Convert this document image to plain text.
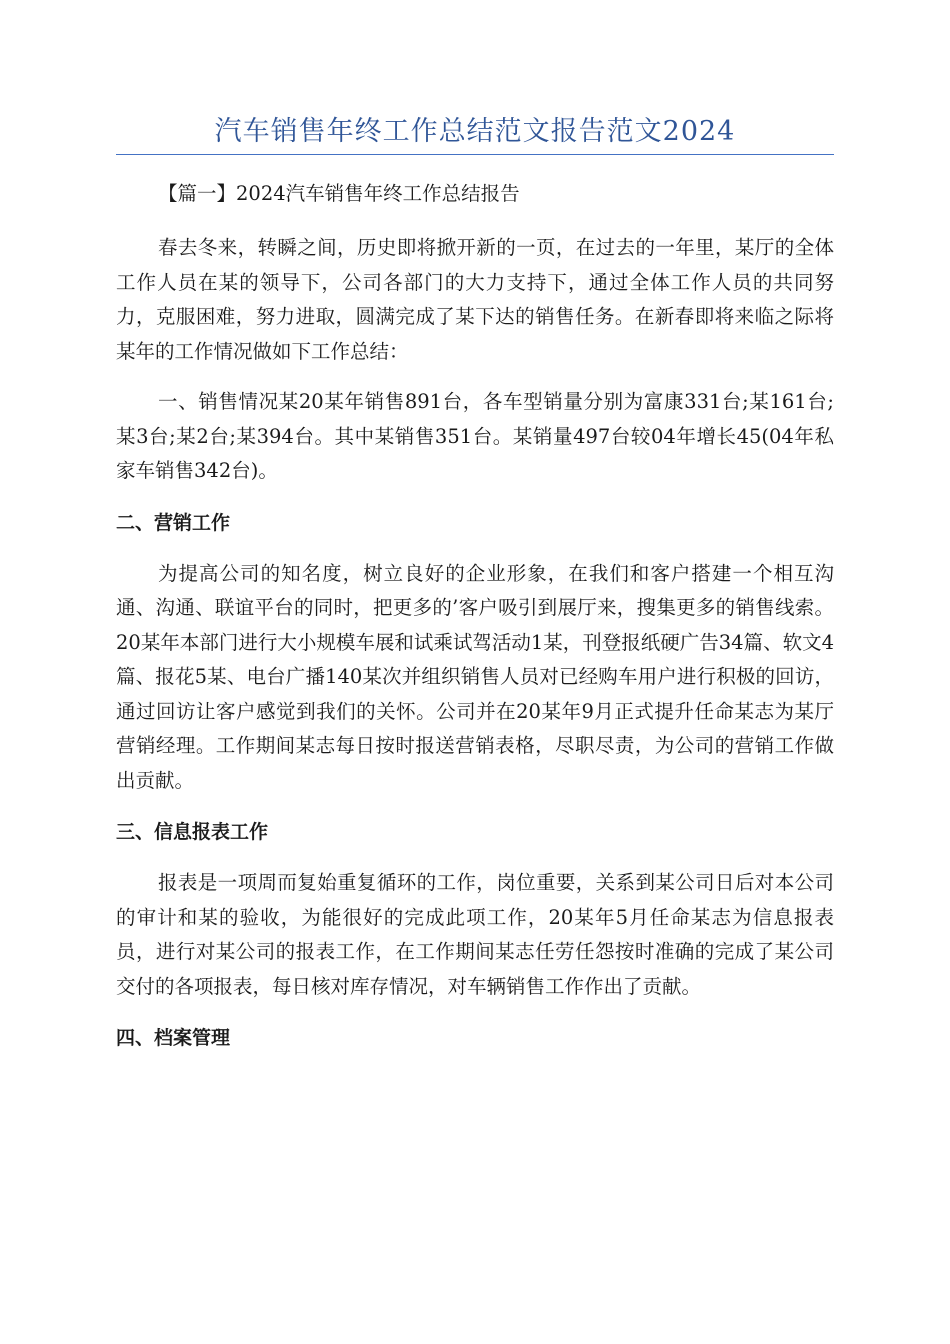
汽车销售年终工作总结范文报告范文2024

【篇一】2024汽车销售年终工作总结报告

春去冬来，转瞬之间，历史即将掀开新的一页，在过去的一年里，某厅的全体工作人员在某的领导下，公司各部门的大力支持下，通过全体工作人员的共同努力，克服困难，努力进取，圆满完成了某下达的销售任务。在新春即将来临之际将某年的工作情况做如下工作总结：

一、销售情况某20某年销售891台，各车型销量分别为富康331台;某161台;某3台;某2台;某394台。其中某销售351台。某销量497台较04年增长45(04年私家车销售342台)。

二、营销工作

为提高公司的知名度，树立良好的企业形象，在我们和客户搭建一个相互沟通、沟通、联谊平台的同时，把更多的’客户吸引到展厅来，搜集更多的销售线索。20某年本部门进行大小规模车展和试乘试驾活动1某，刊登报纸硬广告34篇、软文4篇、报花5某、电台广播140某次并组织销售人员对已经购车用户进行积极的回访，通过回访让客户感觉到我们的关怀。公司并在20某年9月正式提升任命某志为某厅营销经理。工作期间某志每日按时报送营销表格，尽职尽责，为公司的营销工作做出贡献。

三、信息报表工作

报表是一项周而复始重复循环的工作，岗位重要，关系到某公司日后对本公司的审计和某的验收，为能很好的完成此项工作，20某年5月任命某志为信息报表员，进行对某公司的报表工作，在工作期间某志任劳任怨按时准确的完成了某公司交付的各项报表，每日核对库存情况，对车辆销售工作作出了贡献。

四、档案管理
